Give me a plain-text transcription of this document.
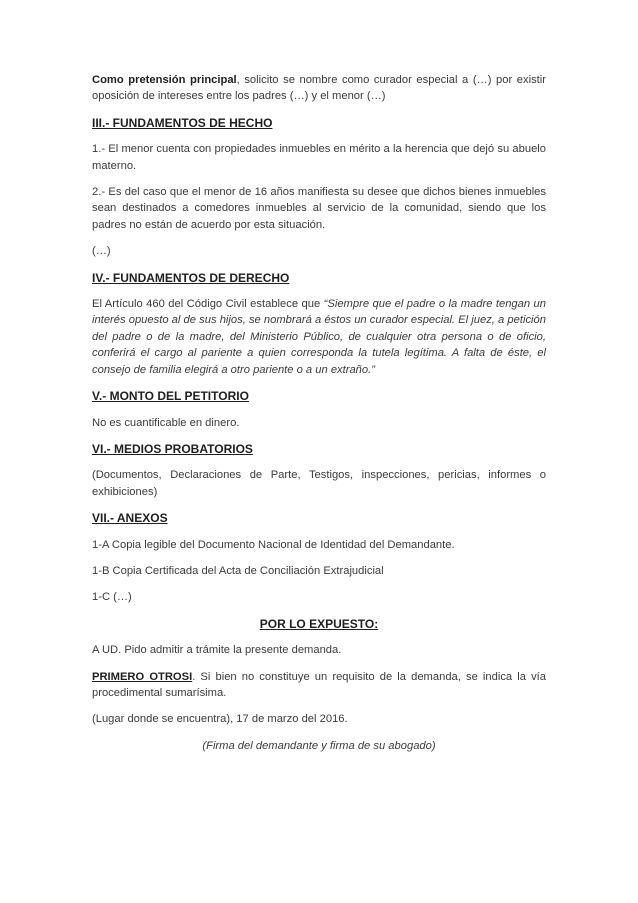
Como pretensión principal, solicito se nombre como curador especial a (…) por existir oposición de intereses entre los padres (…) y el menor (…)

III.- FUNDAMENTOS DE HECHO

1.- El menor cuenta con propiedades inmuebles en mérito a la herencia que dejó su abuelo materno.

2.- Es del caso que el menor de 16 años manifiesta su desee que dichos bienes inmuebles sean destinados a comedores inmuebles al servicio de la comunidad, siendo que los padres no están de acuerdo por esta situación.

(…)

IV.- FUNDAMENTOS DE DERECHO

El Artículo 460 del Código Civil establece que “Siempre que el padre o la madre tengan un interés opuesto al de sus hijos, se nombrará a éstos un curador especial. El juez, a petición del padre o de la madre, del Ministerio Público, de cualquier otra persona o de oficio, conferirá el cargo al pariente a quien corresponda la tutela legítima. A falta de éste, el consejo de familia elegirá a otro pariente o a un extraño.”

V.- MONTO DEL PETITORIO

No es cuantificable en dinero.

VI.- MEDIOS PROBATORIOS

(Documentos, Declaraciones de Parte, Testigos, inspecciones, pericias, informes o exhibiciones)

VII.- ANEXOS

1-A Copia legible del Documento Nacional de Identidad del Demandante.

1-B Copia Certificada del Acta de Conciliación Extrajudicial

1-C (…)

POR LO EXPUESTO:

A UD. Pido admitir a trámite la presente demanda.

PRIMERO OTROSI. Si bien no constituye un requisito de la demanda, se indica la vía procedimental sumarísima.

(Lugar donde se encuentra), 17 de marzo del 2016.

(Firma del demandante y firma de su abogado)
